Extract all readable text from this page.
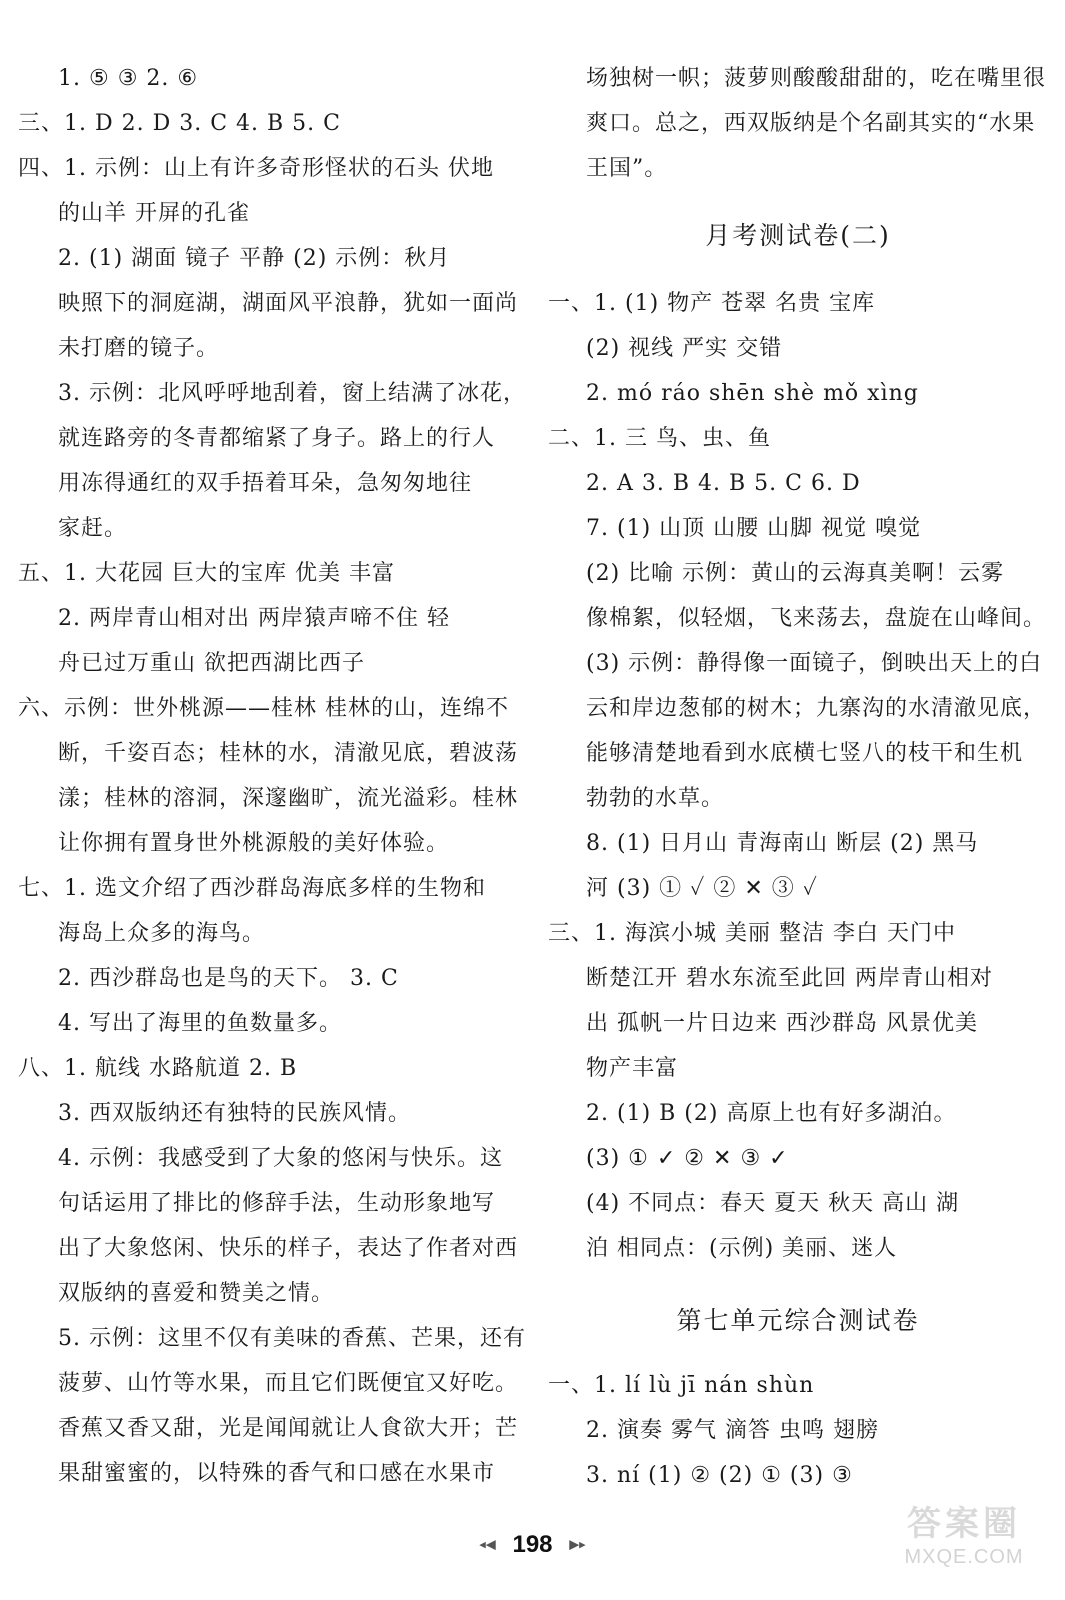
1. ⑤ ③ 2. ⑥
三、1. D 2. D 3. C 4. B 5. C
四、1. 示例：山上有许多奇形怪状的石头 伏地
的山羊 开屏的孔雀
2. (1) 湖面 镜子 平静 (2) 示例：秋月
映照下的洞庭湖，湖面风平浪静，犹如一面尚
未打磨的镜子。
3. 示例：北风呼呼地刮着，窗上结满了冰花，
就连路旁的冬青都缩紧了身子。路上的行人
用冻得通红的双手捂着耳朵，急匆匆地往
家赶。
五、1. 大花园 巨大的宝库 优美 丰富
2. 两岸青山相对出 两岸猿声啼不住 轻
舟已过万重山 欲把西湖比西子
六、示例：世外桃源——桂林 桂林的山，连绵不
断，千姿百态；桂林的水，清澈见底，碧波荡
漾；桂林的溶洞，深邃幽旷，流光溢彩。桂林
让你拥有置身世外桃源般的美好体验。
七、1. 选文介绍了西沙群岛海底多样的生物和
海岛上众多的海鸟。
2. 西沙群岛也是鸟的天下。 3. C
4. 写出了海里的鱼数量多。
八、1. 航线 水路航道 2. B
3. 西双版纳还有独特的民族风情。
4. 示例：我感受到了大象的悠闲与快乐。这
句话运用了排比的修辞手法，生动形象地写
出了大象悠闲、快乐的样子，表达了作者对西
双版纳的喜爱和赞美之情。
5. 示例：这里不仅有美味的香蕉、芒果，还有
菠萝、山竹等水果，而且它们既便宜又好吃。
香蕉又香又甜，光是闻闻就让人食欲大开；芒
果甜蜜蜜的，以特殊的香气和口感在水果市
场独树一帜；菠萝则酸酸甜甜的，吃在嘴里很
爽口。总之，西双版纳是个名副其实的“水果
王国”。
月考测试卷(二)
一、1. (1) 物产 苍翠 名贵 宝库
(2) 视线 严实 交错
2. mó ráo shēn shè mǒ xìng
二、1. 三 鸟、虫、鱼
2. A 3. B 4. B 5. C 6. D
7. (1) 山顶 山腰 山脚 视觉 嗅觉
(2) 比喻 示例：黄山的云海真美啊！云雾
像棉絮，似轻烟，飞来荡去，盘旋在山峰间。
(3) 示例：静得像一面镜子，倒映出天上的白
云和岸边葱郁的树木；九寨沟的水清澈见底，
能够清楚地看到水底横七竖八的枝干和生机
勃勃的水草。
8. (1) 日月山 青海南山 断层 (2) 黑马
河 (3) ① ✓ ② ✕ ③ ✓
三、1. 海滨小城 美丽 整洁 李白 天门中
断楚江开 碧水东流至此回 两岸青山相对
出 孤帆一片日边来 西沙群岛 风景优美
物产丰富
2. (1) B (2) 高原上也有好多湖泊。
(3) ① ✓ ② ✕ ③ ✓
(4) 不同点：春天 夏天 秋天 高山 湖
泊 相同点：(示例) 美丽、迷人
第七单元综合测试卷
一、1. lí lù jī nán shùn
2. 演奏 雾气 滴答 虫鸣 翅膀
3. ní (1) ② (2) ① (3) ③
◂◀ 198 ▶▸
答案圈
MXQE.COM
